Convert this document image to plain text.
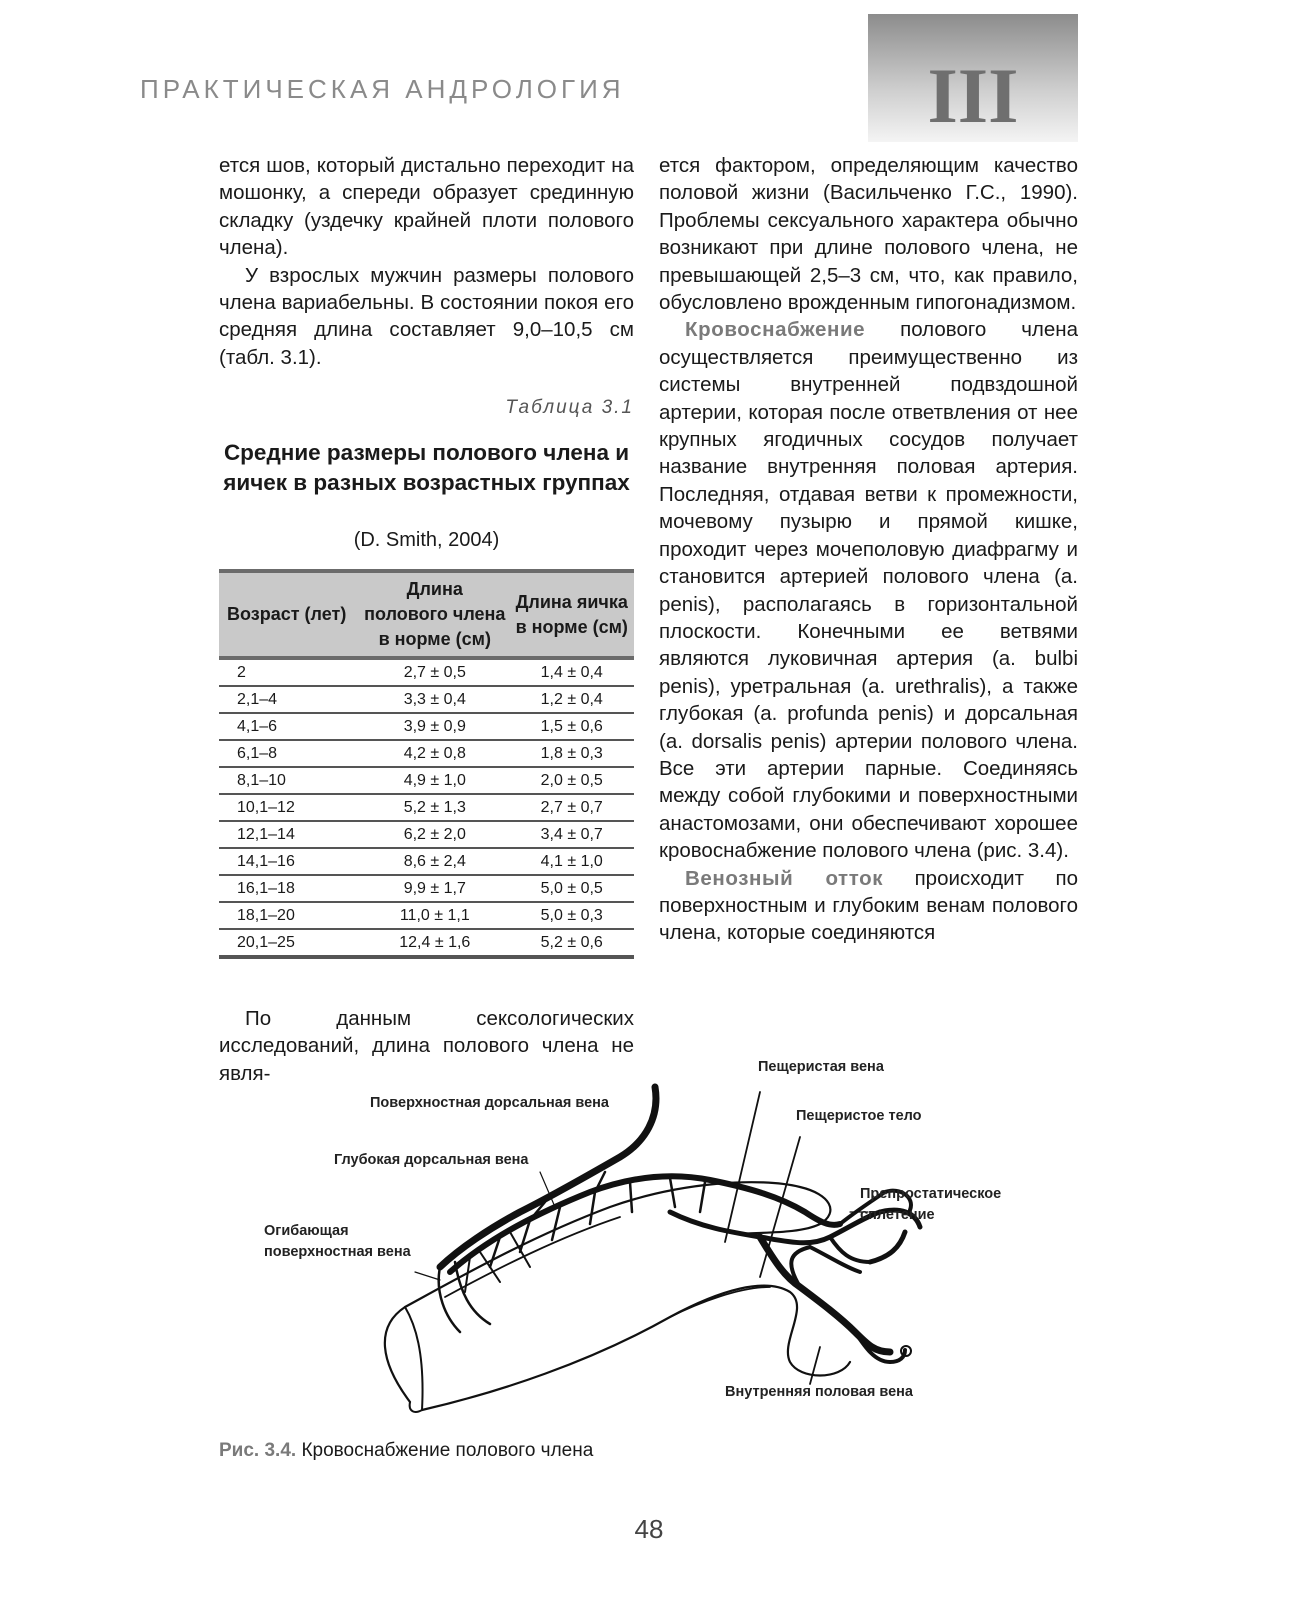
ПРАКТИЧЕСКАЯ АНДРОЛОГИЯ	III

ется шов, который дистально переходит на мошонку, а спереди образует срединную складку (уздечку крайней плоти полового члена).

У взрослых мужчин размеры полового члена вариабельны. В состоянии покоя его средняя длина составляет 9,0–10,5 см (табл. 3.1).

Таблица 3.1
Средние размеры полового члена и яичек в разных возрастных группах
(D. Smith, 2004)
Возраст (лет)	Длина полового члена в норме (см)	Длина яичка в норме (см)
2	2,7 ± 0,5	1,4 ± 0,4
2,1–4	3,3 ± 0,4	1,2 ± 0,4
4,1–6	3,9 ± 0,9	1,5 ± 0,6
6,1–8	4,2 ± 0,8	1,8 ± 0,3
8,1–10	4,9 ± 1,0	2,0 ± 0,5
10,1–12	5,2 ± 1,3	2,7 ± 0,7
12,1–14	6,2 ± 2,0	3,4 ± 0,7
14,1–16	8,6 ± 2,4	4,1 ± 1,0
16,1–18	9,9 ± 1,7	5,0 ± 0,5
18,1–20	11,0 ± 1,1	5,0 ± 0,3
20,1–25	12,4 ± 1,6	5,2 ± 0,6

По данным сексологических исследований, длина полового члена не явля-

ется фактором, определяющим качество половой жизни (Васильченко Г.С., 1990). Проблемы сексуального характера обычно возникают при длине полового члена, не превышающей 2,5–3 см, что, как правило, обусловлено врожденным гипогонадизмом.

Кровоснабжение полового члена осуществляется преимущественно из системы внутренней подвздошной артерии, которая после ответвления от нее крупных ягодичных сосудов получает название внутренняя половая артерия. Последняя, отдавая ветви к промежности, мочевому пузырю и прямой кишке, проходит через мочеполовую диафрагму и становится артерией полового члена (a. penis), располагаясь в горизонтальной плоскости. Конечными ее ветвями являются луковичная артерия (a. bulbi penis), уретральная (a. urethralis), а также глубокая (a. profunda penis) и дорсальная (a. dorsalis penis) артерии полового члена. Все эти артерии парные. Соединяясь между собой глубокими и поверхностными анастомозами, они обеспечивают хорошее кровоснабжение полового члена (рис. 3.4).

Венозный отток происходит по поверхностным и глубоким венам полового члена, которые соединяются

Поверхностная дорсальная вена
Глубокая дорсальная вена
Огибающая
поверхностная вена
Пещеристая вена
Пещеристое тело
Препростатическое
сплетение
Внутренняя половая вена
Рис. 3.4. Кровоснабжение полового члена
48
